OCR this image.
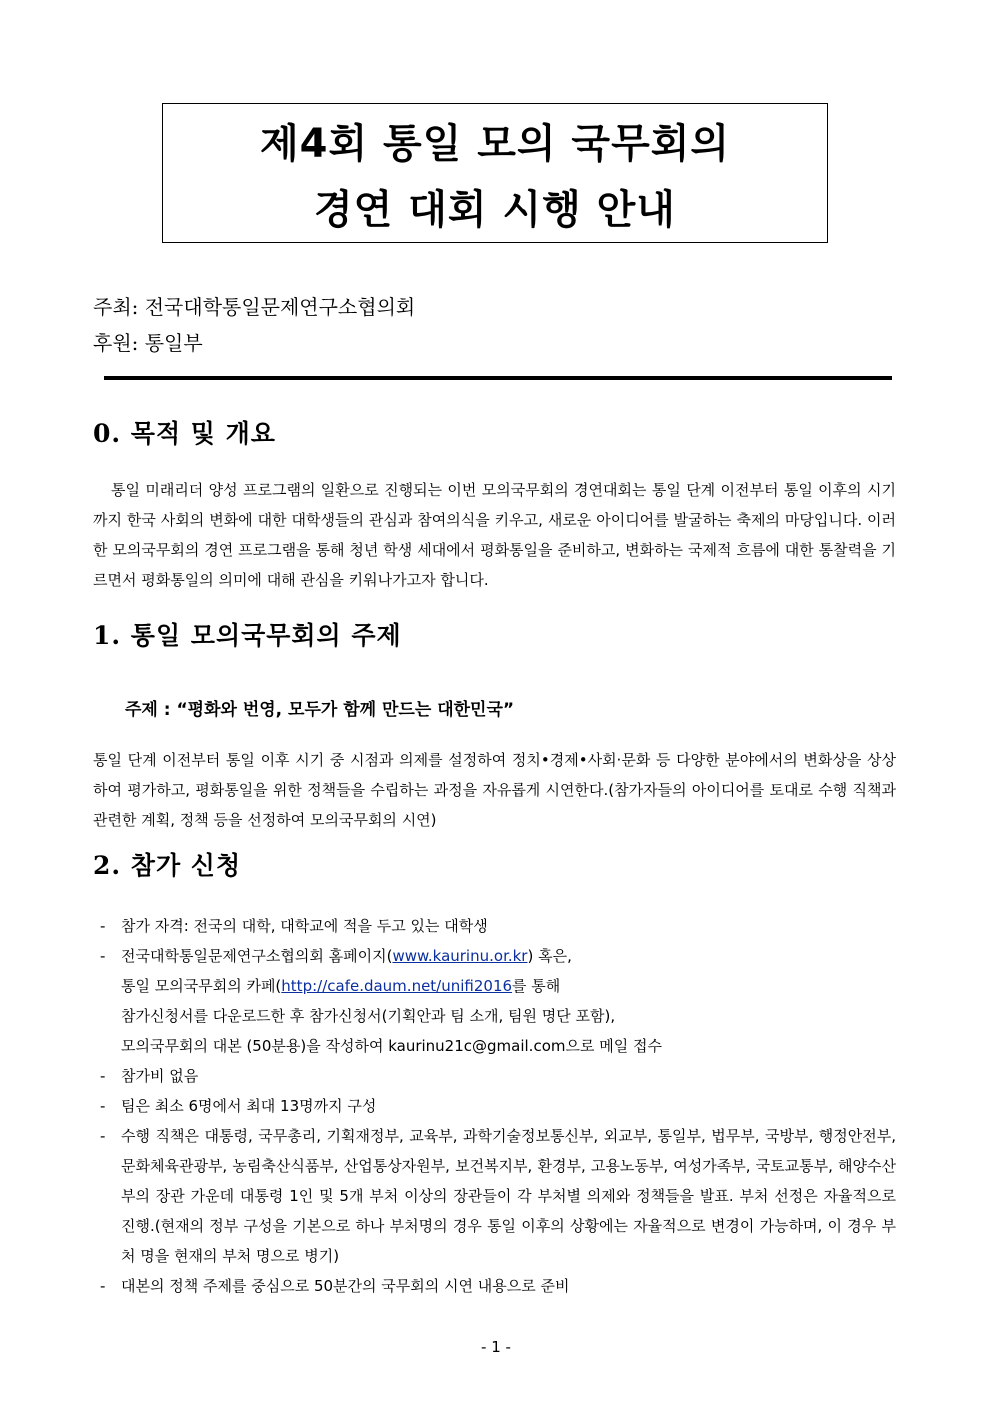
제4회 통일 모의 국무회의
경연 대회 시행 안내
주최: 전국대학통일문제연구소협의회
후원: 통일부
0. 목적 및 개요
통일 미래리더 양성 프로그램의 일환으로 진행되는 이번 모의국무회의 경연대회는 통일 단계 이전부터 통일 이후의 시기까지 한국 사회의 변화에 대한 대학생들의 관심과 참여의식을 키우고, 새로운 아이디어를 발굴하는 축제의 마당입니다. 이러한 모의국무회의 경연 프로그램을 통해 청년 학생 세대에서 평화통일을 준비하고, 변화하는 국제적 흐름에 대한 통찰력을 기르면서 평화통일의 의미에 대해 관심을 키워나가고자 합니다.
1. 통일 모의국무회의 주제
주제 : “평화와 번영, 모두가 함께 만드는 대한민국”
통일 단계 이전부터 통일 이후 시기 중 시점과 의제를 설정하여 정치•경제•사회·문화 등 다양한 분야에서의 변화상을 상상하여 평가하고, 평화통일을 위한 정책들을 수립하는 과정을 자유롭게 시연한다.(참가자들의 아이디어를 토대로 수행 직책과 관련한 계획, 정책 등을 선정하여 모의국무회의 시연)
2. 참가 신청
- 참가 자격: 전국의 대학, 대학교에 적을 두고 있는 대학생
- 전국대학통일문제연구소협의회 홈페이지(www.kaurinu.or.kr) 혹은,
통일 모의국무회의 카페(http://cafe.daum.net/unifi2016를 통해
참가신청서를 다운로드한 후 참가신청서(기획안과 팀 소개, 팀원 명단 포함),
모의국무회의 대본 (50분용)을 작성하여 kaurinu21c@gmail.com으로 메일 접수
- 참가비 없음
- 팀은 최소 6명에서 최대 13명까지 구성
- 수행 직책은 대통령, 국무총리, 기획재정부, 교육부, 과학기술정보통신부, 외교부, 통일부, 법무부, 국방부, 행정안전부, 문화체육관광부, 농림축산식품부, 산업통상자원부, 보건복지부, 환경부, 고용노동부, 여성가족부, 국토교통부, 해양수산부의 장관 가운데 대통령 1인 및 5개 부처 이상의 장관들이 각 부처별 의제와 정책들을 발표. 부처 선정은 자율적으로 진행.(현재의 정부 구성을 기본으로 하나 부처명의 경우 통일 이후의 상황에는 자율적으로 변경이 가능하며, 이 경우 부처 명을 현재의 부처 명으로 병기)
- 대본의 정책 주제를 중심으로 50분간의 국무회의 시연 내용으로 준비
- 1 -
